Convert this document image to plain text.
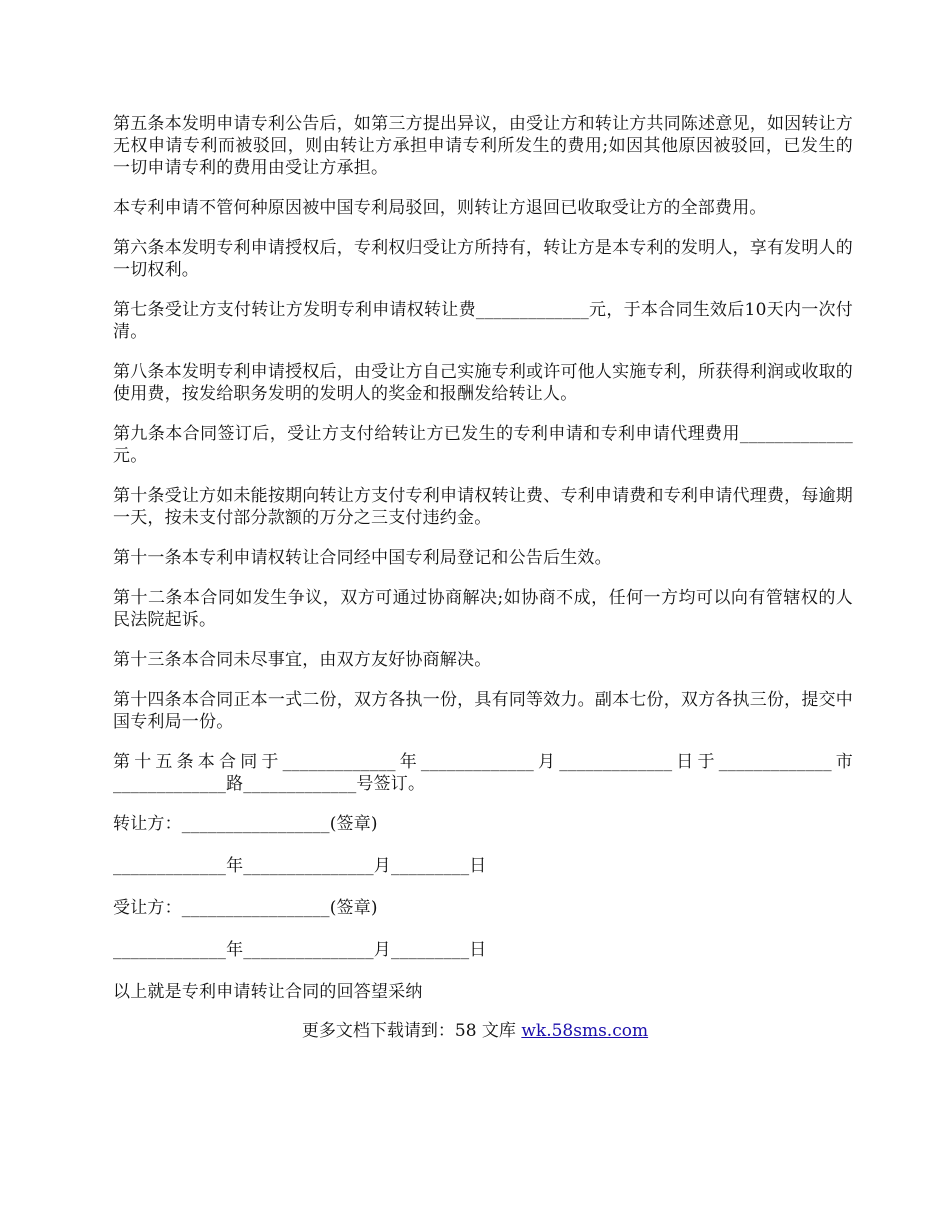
第五条本发明申请专利公告后，如第三方提出异议，由受让方和转让方共同陈述意见，如因转让方无权申请专利而被驳回，则由转让方承担申请专利所发生的费用;如因其他原因被驳回，已发生的一切申请专利的费用由受让方承担。

本专利申请不管何种原因被中国专利局驳回，则转让方退回已收取受让方的全部费用。

第六条本发明专利申请授权后，专利权归受让方所持有，转让方是本专利的发明人，享有发明人的一切权利。

第七条受让方支付转让方发明专利申请权转让费_____________元，于本合同生效后10天内一次付清。

第八条本发明专利申请授权后，由受让方自己实施专利或许可他人实施专利，所获得利润或收取的使用费，按发给职务发明的发明人的奖金和报酬发给转让人。

第九条本合同签订后，受让方支付给转让方已发生的专利申请和专利申请代理费用_____________元。

第十条受让方如未能按期向转让方支付专利申请权转让费、专利申请费和专利申请代理费，每逾期一天，按未支付部分款额的万分之三支付违约金。

第十一条本专利申请权转让合同经中国专利局登记和公告后生效。

第十二条本合同如发生争议，双方可通过协商解决;如协商不成，任何一方均可以向有管辖权的人民法院起诉。

第十三条本合同未尽事宜，由双方友好协商解决。

第十四条本合同正本一式二份，双方各执一份，具有同等效力。副本七份，双方各执三份，提交中国专利局一份。

第十五条本合同于_____________年_____________月_____________日于_____________市_____________路_____________号签订。

转让方：_________________(签章)

_____________年_______________月_________日

受让方：_________________(签章)

_____________年_______________月_________日

以上就是专利申请转让合同的回答望采纳

更多文档下载请到：58 文库 wk.58sms.com
